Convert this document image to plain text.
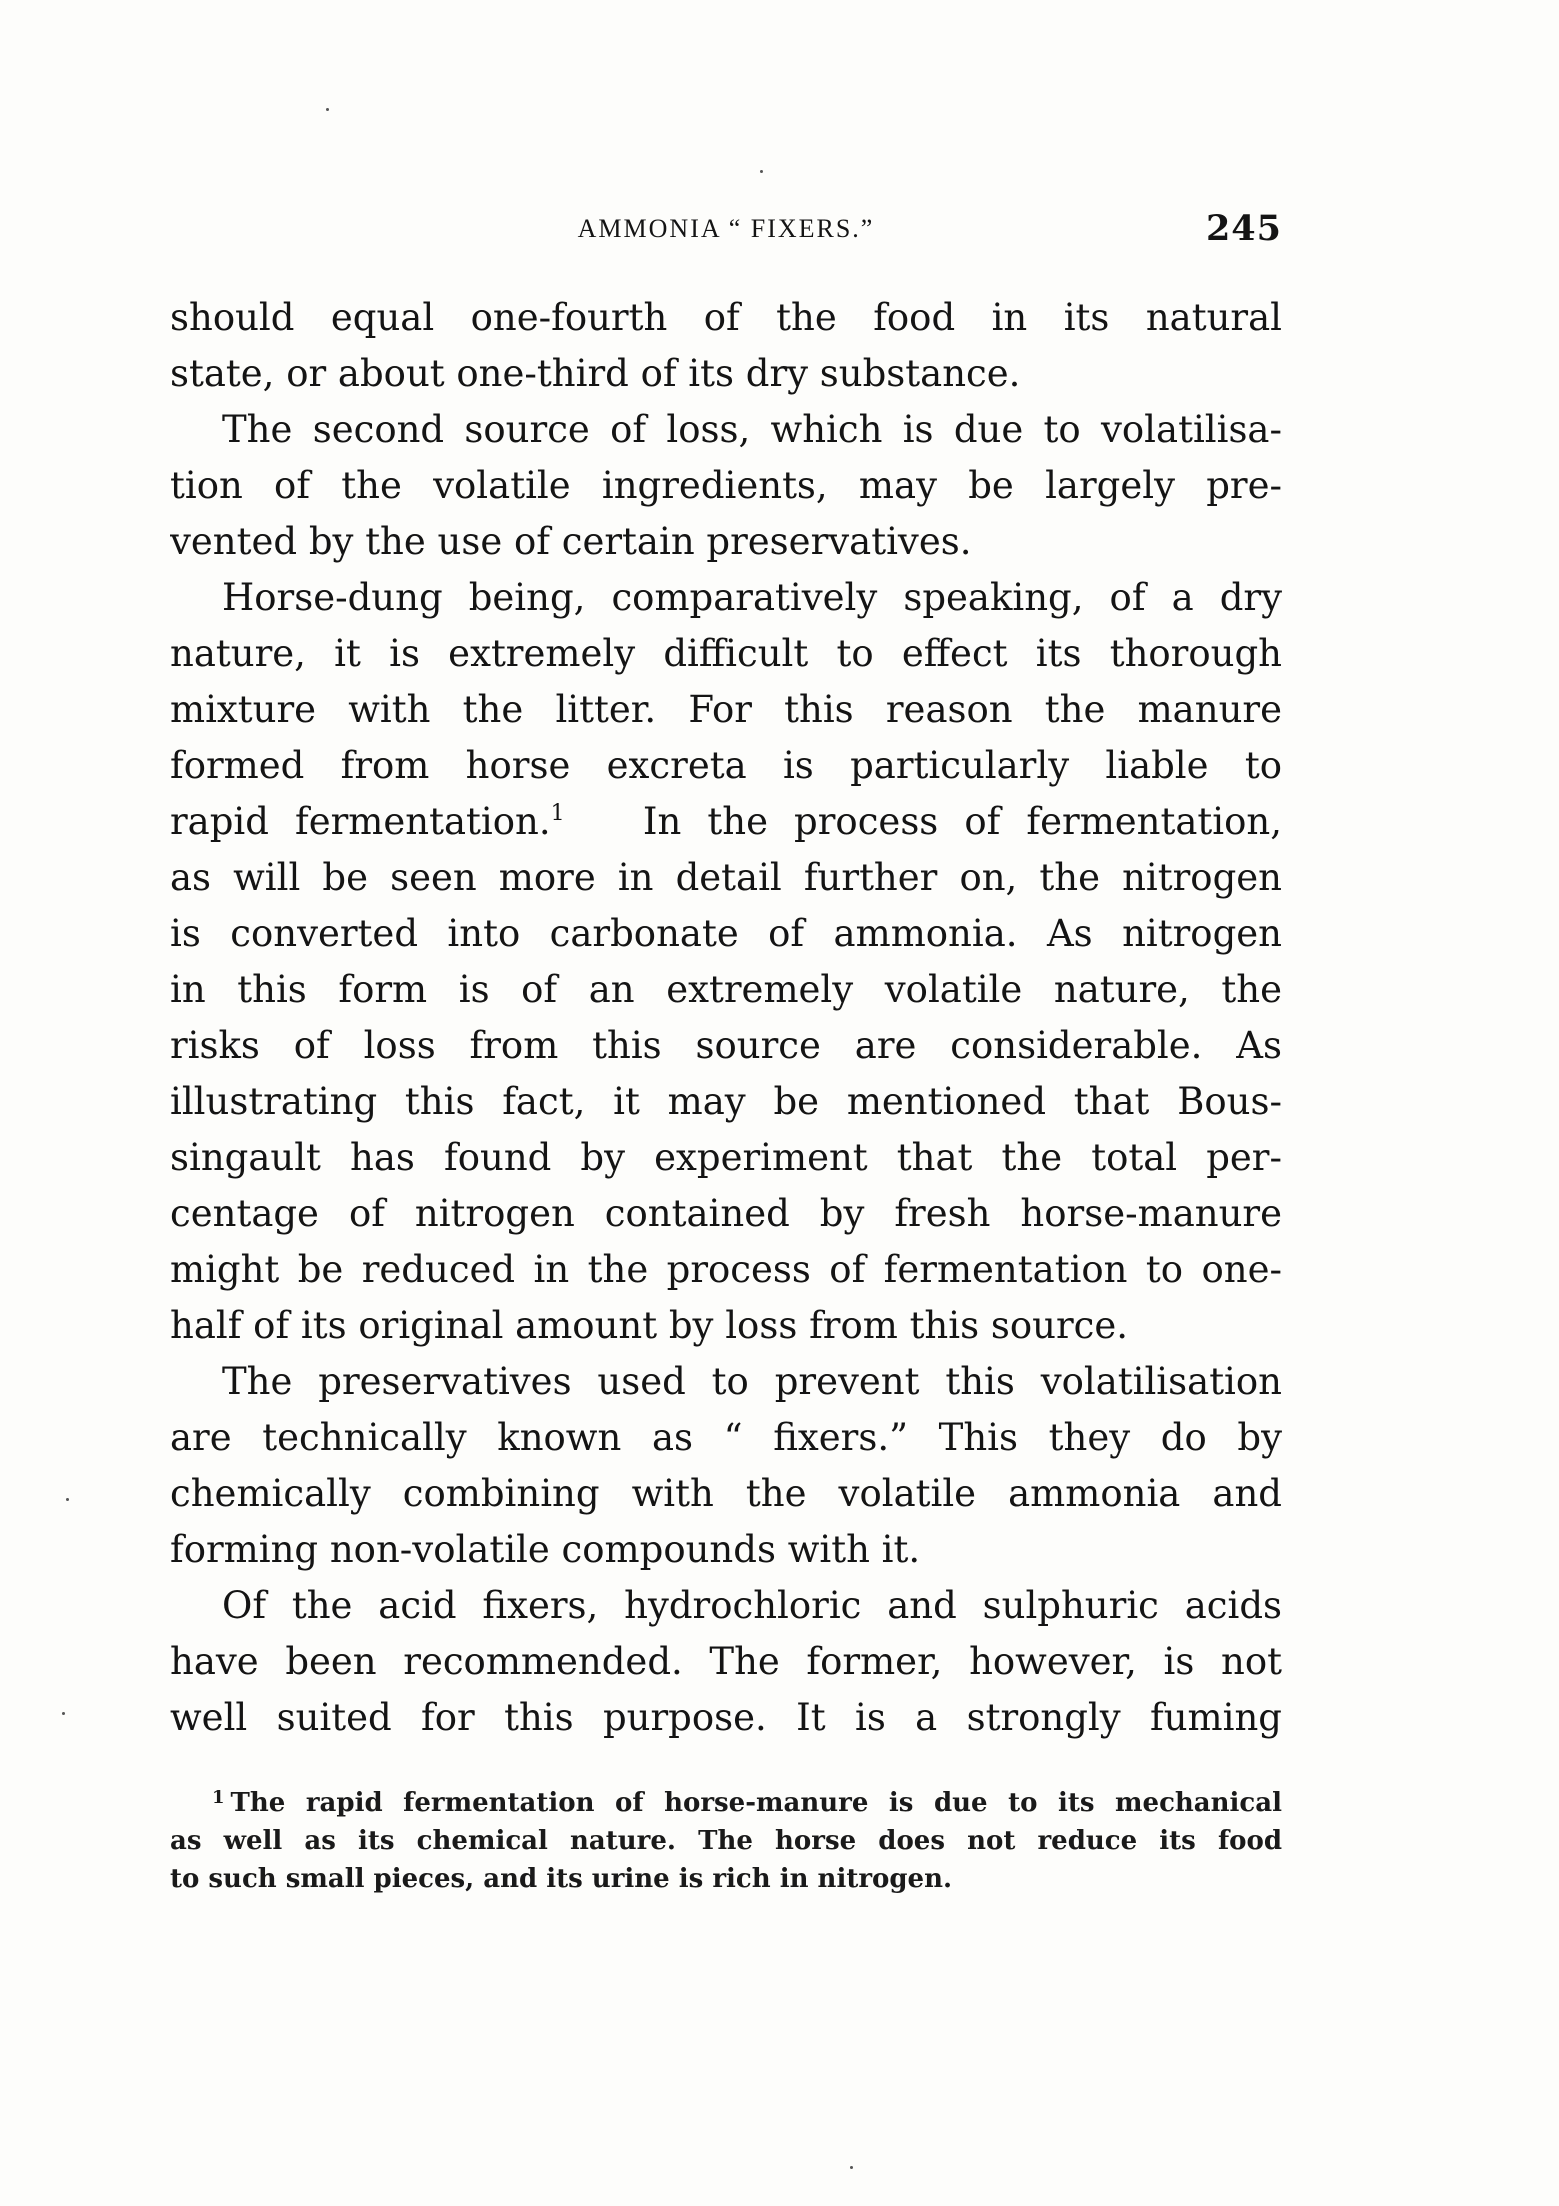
AMMONIA “ FIXERS.”	245
should equal one-fourth of the food in its natural
state, or about one-third of its dry substance.
The second source of loss, which is due to volatilisa-
tion of the volatile ingredients, may be largely pre-
vented by the use of certain preservatives.
Horse-dung being, comparatively speaking, of a dry
nature, it is extremely difficult to effect its thorough
mixture with the litter. For this reason the manure
formed from horse excreta is particularly liable to
rapid fermentation.$^1$ In the process of fermentation,
as will be seen more in detail further on, the nitrogen
is converted into carbonate of ammonia. As nitrogen
in this form is of an extremely volatile nature, the
risks of loss from this source are considerable. As
illustrating this fact, it may be mentioned that Bous-
singault has found by experiment that the total per-
centage of nitrogen contained by fresh horse-manure
might be reduced in the process of fermentation to one-
half of its original amount by loss from this source.
The preservatives used to prevent this volatilisation
are technically known as “ fixers.” This they do by
chemically combining with the volatile ammonia and
forming non-volatile compounds with it.
Of the acid fixers, hydrochloric and sulphuric acids
have been recommended. The former, however, is not
well suited for this purpose. It is a strongly fuming
$^1$ The rapid fermentation of horse-manure is due to its mechanical
as well as its chemical nature. The horse does not reduce its food
to such small pieces, and its urine is rich in nitrogen.
